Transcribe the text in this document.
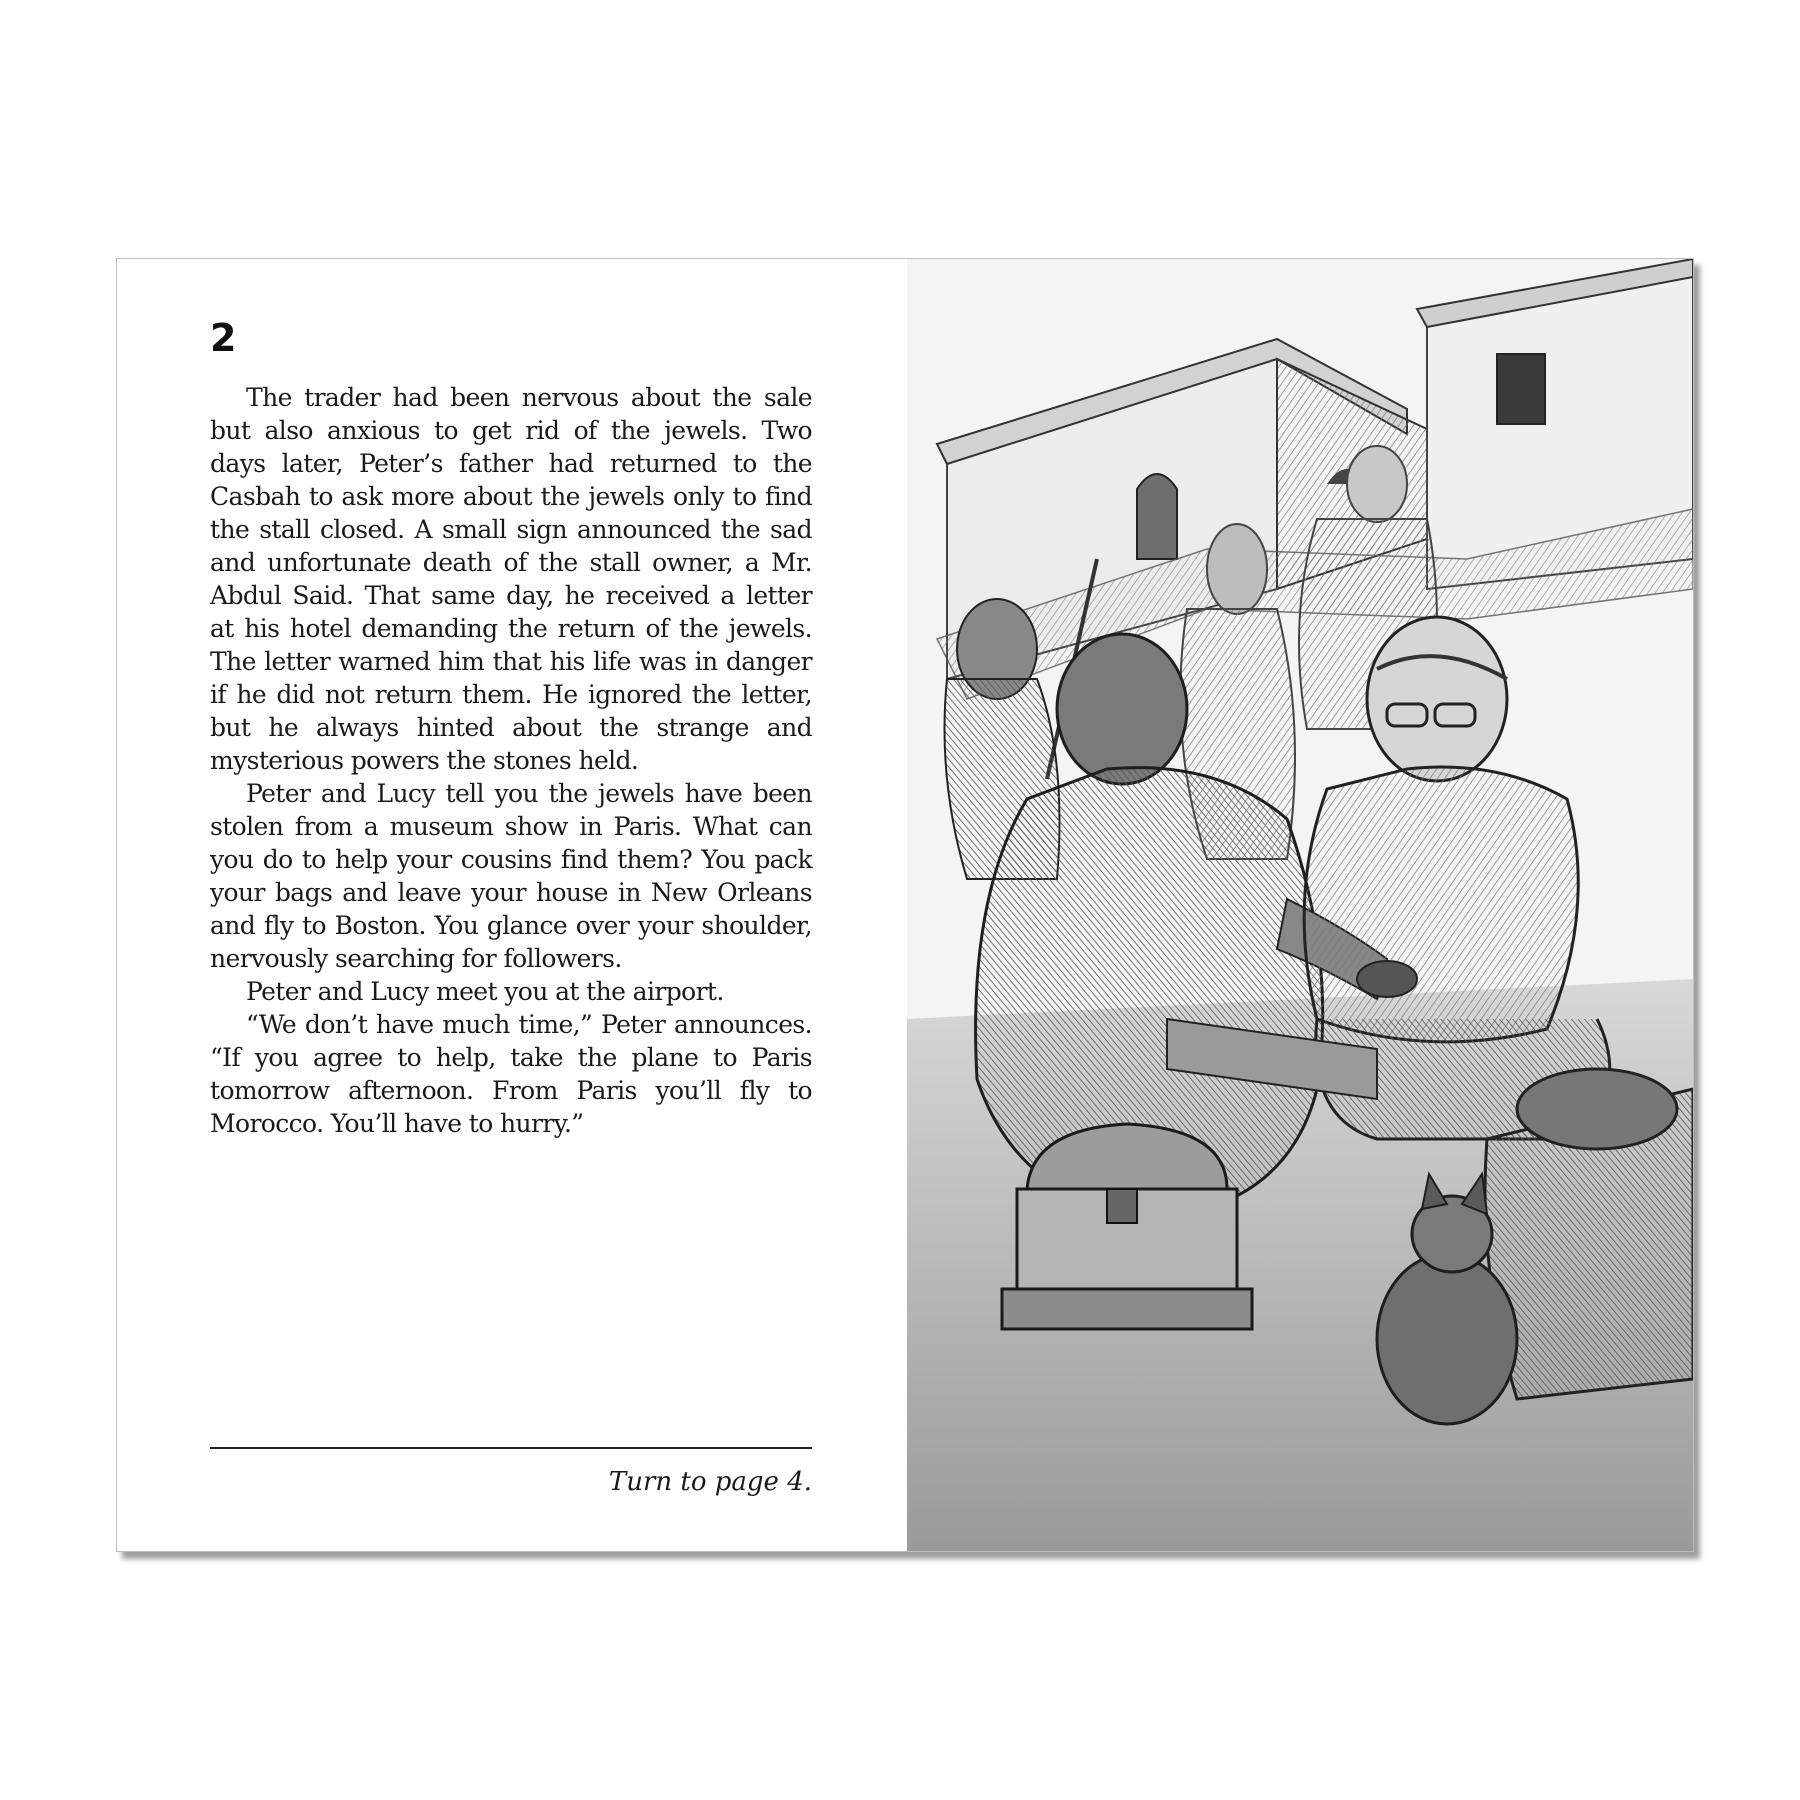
2

The trader had been nervous about the sale but also anxious to get rid of the jewels. Two days later, Peter’s father had returned to the Casbah to ask more about the jewels only to find the stall closed. A small sign announced the sad and unfortunate death of the stall owner, a Mr. Abdul Said. That same day, he received a letter at his hotel demanding the return of the jewels. The letter warned him that his life was in danger if he did not return them. He ignored the letter, but he always hinted about the strange and mysterious powers the stones held.

Peter and Lucy tell you the jewels have been stolen from a museum show in Paris. What can you do to help your cousins find them? You pack your bags and leave your house in New Orleans and fly to Boston. You glance over your shoulder, nervously searching for followers.

Peter and Lucy meet you at the airport.

“We don’t have much time,” Peter announces. “If you agree to help, take the plane to Paris tomorrow afternoon. From Paris you’ll fly to Morocco. You’ll have to hurry.”

Turn to page 4.
